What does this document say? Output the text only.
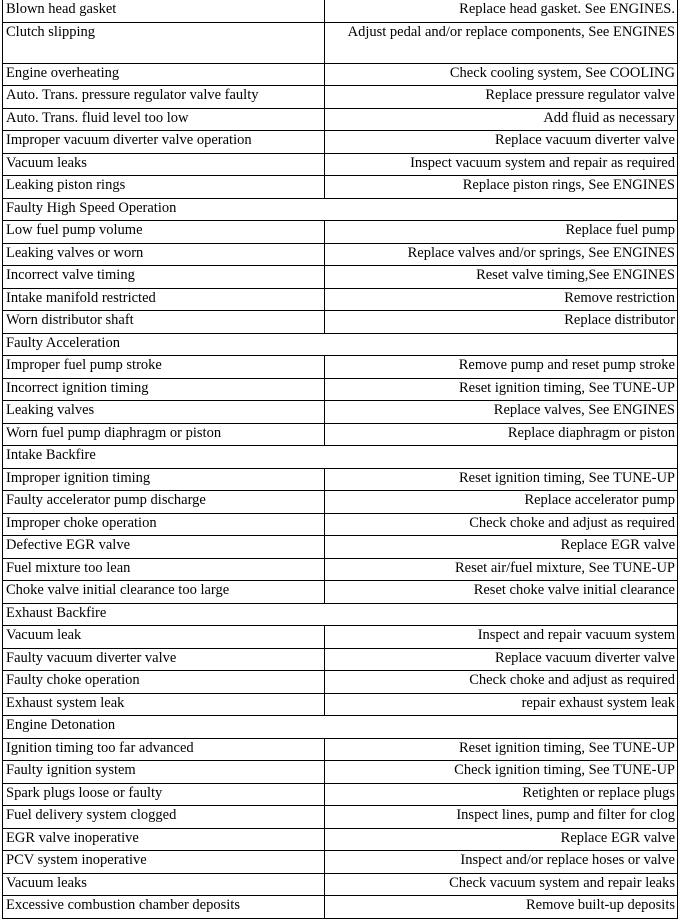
Blown head gasket	Replace head gasket. See ENGINES.
Clutch slipping	Adjust pedal and/or replace components, See ENGINES
Engine overheating	Check cooling system, See COOLING
Auto. Trans. pressure regulator valve faulty	Replace pressure regulator valve
Auto. Trans. fluid level too low	Add fluid as necessary
Improper vacuum diverter valve operation	Replace vacuum diverter valve
Vacuum leaks	Inspect vacuum system and repair as required
Leaking piston rings	Replace piston rings, See ENGINES
Faulty High Speed Operation	
Low fuel pump volume	Replace fuel pump
Leaking valves or worn	Replace valves and/or springs, See ENGINES
Incorrect valve timing	Reset valve timing,See ENGINES
Intake manifold restricted	Remove restriction
Worn distributor shaft	Replace distributor
Faulty Acceleration	
Improper fuel pump stroke	Remove pump and reset pump stroke
Incorrect ignition timing	Reset ignition timing, See TUNE-UP
Leaking valves	Replace valves, See ENGINES
Worn fuel pump diaphragm or piston	Replace diaphragm or piston
Intake Backfire	
Improper ignition timing	Reset ignition timing, See TUNE-UP
Faulty accelerator pump discharge	Replace accelerator pump
Improper choke operation	Check choke and adjust as required
Defective EGR valve	Replace EGR valve
Fuel mixture too lean	Reset air/fuel mixture, See TUNE-UP
Choke valve initial clearance too large	Reset choke valve initial clearance
Exhaust Backfire	
Vacuum leak	Inspect and repair vacuum system
Faulty vacuum diverter valve	Replace vacuum diverter valve
Faulty choke operation	Check choke and adjust as required
Exhaust system leak	repair exhaust system leak
Engine Detonation	
Ignition timing too far advanced	Reset ignition timing, See TUNE-UP
Faulty ignition system	Check ignition timing, See TUNE-UP
Spark plugs loose or faulty	Retighten or replace plugs
Fuel delivery system clogged	Inspect lines, pump and filter for clog
EGR valve inoperative	Replace EGR valve
PCV system inoperative	Inspect and/or replace hoses or valve
Vacuum leaks	Check vacuum system and repair leaks
Excessive combustion chamber deposits	Remove built-up deposits
